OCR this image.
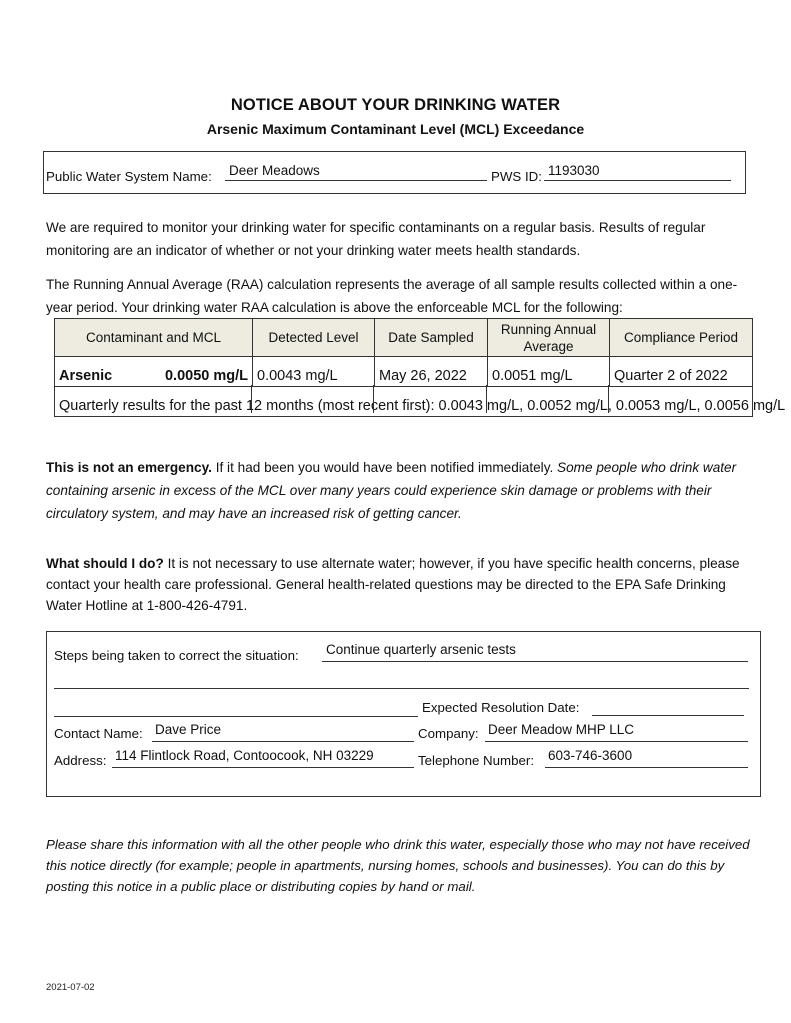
NOTICE ABOUT YOUR DRINKING WATER
Arsenic Maximum Contaminant Level (MCL) Exceedance
Public Water System Name: Deer Meadows	PWS ID: 1193030
We are required to monitor your drinking water for specific contaminants on a regular basis. Results of regular monitoring are an indicator of whether or not your drinking water meets health standards.
The Running Annual Average (RAA) calculation represents the average of all sample results collected within a one-year period. Your drinking water RAA calculation is above the enforceable MCL for the following:
Contaminant and MCL	Detected Level	Date Sampled	Running Annual Average	Compliance Period
Arsenic 0.0050 mg/L	0.0043 mg/L	May 26, 2022	0.0051 mg/L	Quarter 2 of 2022
Quarterly results for the past 12 months (most recent first): 0.0043 mg/L, 0.0052 mg/L, 0.0053 mg/L, 0.0056 mg/L				
This is not an emergency. If it had been you would have been notified immediately. Some people who drink water containing arsenic in excess of the MCL over many years could experience skin damage or problems with their circulatory system, and may have an increased risk of getting cancer.
What should I do? It is not necessary to use alternate water; however, if you have specific health concerns, please contact your health care professional. General health-related questions may be directed to the EPA Safe Drinking Water Hotline at 1-800-426-4791.
Steps being taken to correct the situation: Continue quarterly arsenic tests
Expected Resolution Date:
Contact Name: Dave Price	Company: Deer Meadow MHP LLC
Address: 114 Flintlock Road, Contoocook, NH 03229	Telephone Number: 603-746-3600
Please share this information with all the other people who drink this water, especially those who may not have received this notice directly (for example; people in apartments, nursing homes, schools and businesses). You can do this by posting this notice in a public place or distributing copies by hand or mail.
2021-07-02
